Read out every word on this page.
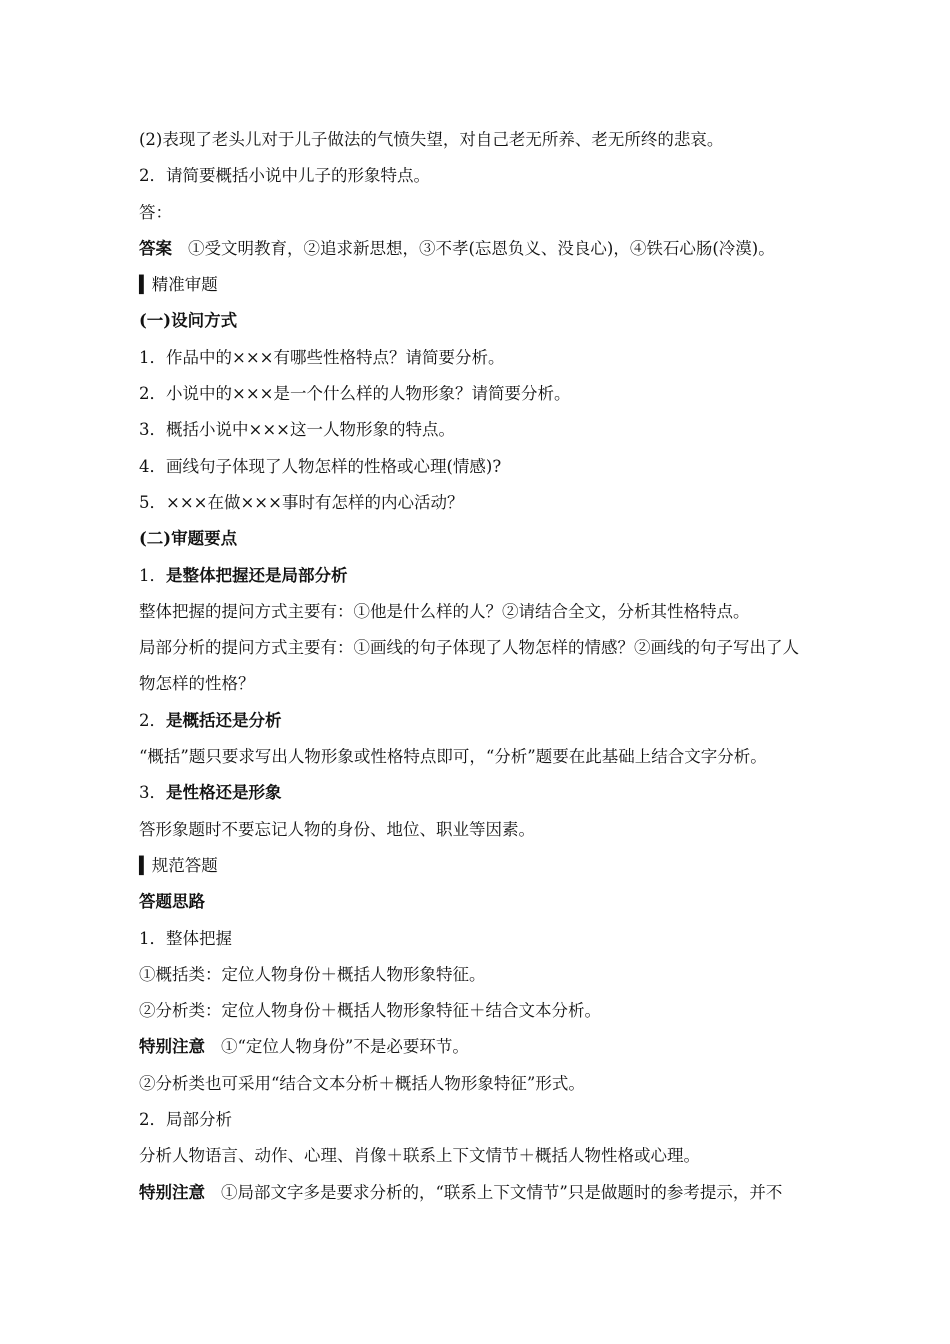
(2)表现了老头儿对于儿子做法的气愤失望，对自己老无所养、老无所终的悲哀。
2．请简要概括小说中儿子的形象特点。
答：
答案 ①受文明教育，②追求新思想，③不孝(忘恩负义、没良心)，④铁石心肠(冷漠)。
▍精准审题
(一)设问方式
1．作品中的×××有哪些性格特点？请简要分析。
2．小说中的×××是一个什么样的人物形象？请简要分析。
3．概括小说中×××这一人物形象的特点。
4．画线句子体现了人物怎样的性格或心理(情感)?
5．×××在做×××事时有怎样的内心活动？
(二)审题要点
1．是整体把握还是局部分析
整体把握的提问方式主要有：①他是什么样的人？②请结合全文，分析其性格特点。
局部分析的提问方式主要有：①画线的句子体现了人物怎样的情感？②画线的句子写出了人
物怎样的性格？
2．是概括还是分析
“概括”题只要求写出人物形象或性格特点即可，“分析”题要在此基础上结合文字分析。
3．是性格还是形象
答形象题时不要忘记人物的身份、地位、职业等因素。
▍规范答题
答题思路
1．整体把握
①概括类：定位人物身份＋概括人物形象特征。
②分析类：定位人物身份＋概括人物形象特征＋结合文本分析。
特别注意 ①“定位人物身份”不是必要环节。
②分析类也可采用“结合文本分析＋概括人物形象特征”形式。
2．局部分析
分析人物语言、动作、心理、肖像＋联系上下文情节＋概括人物性格或心理。
特别注意 ①局部文字多是要求分析的，“联系上下文情节”只是做题时的参考提示，并不
